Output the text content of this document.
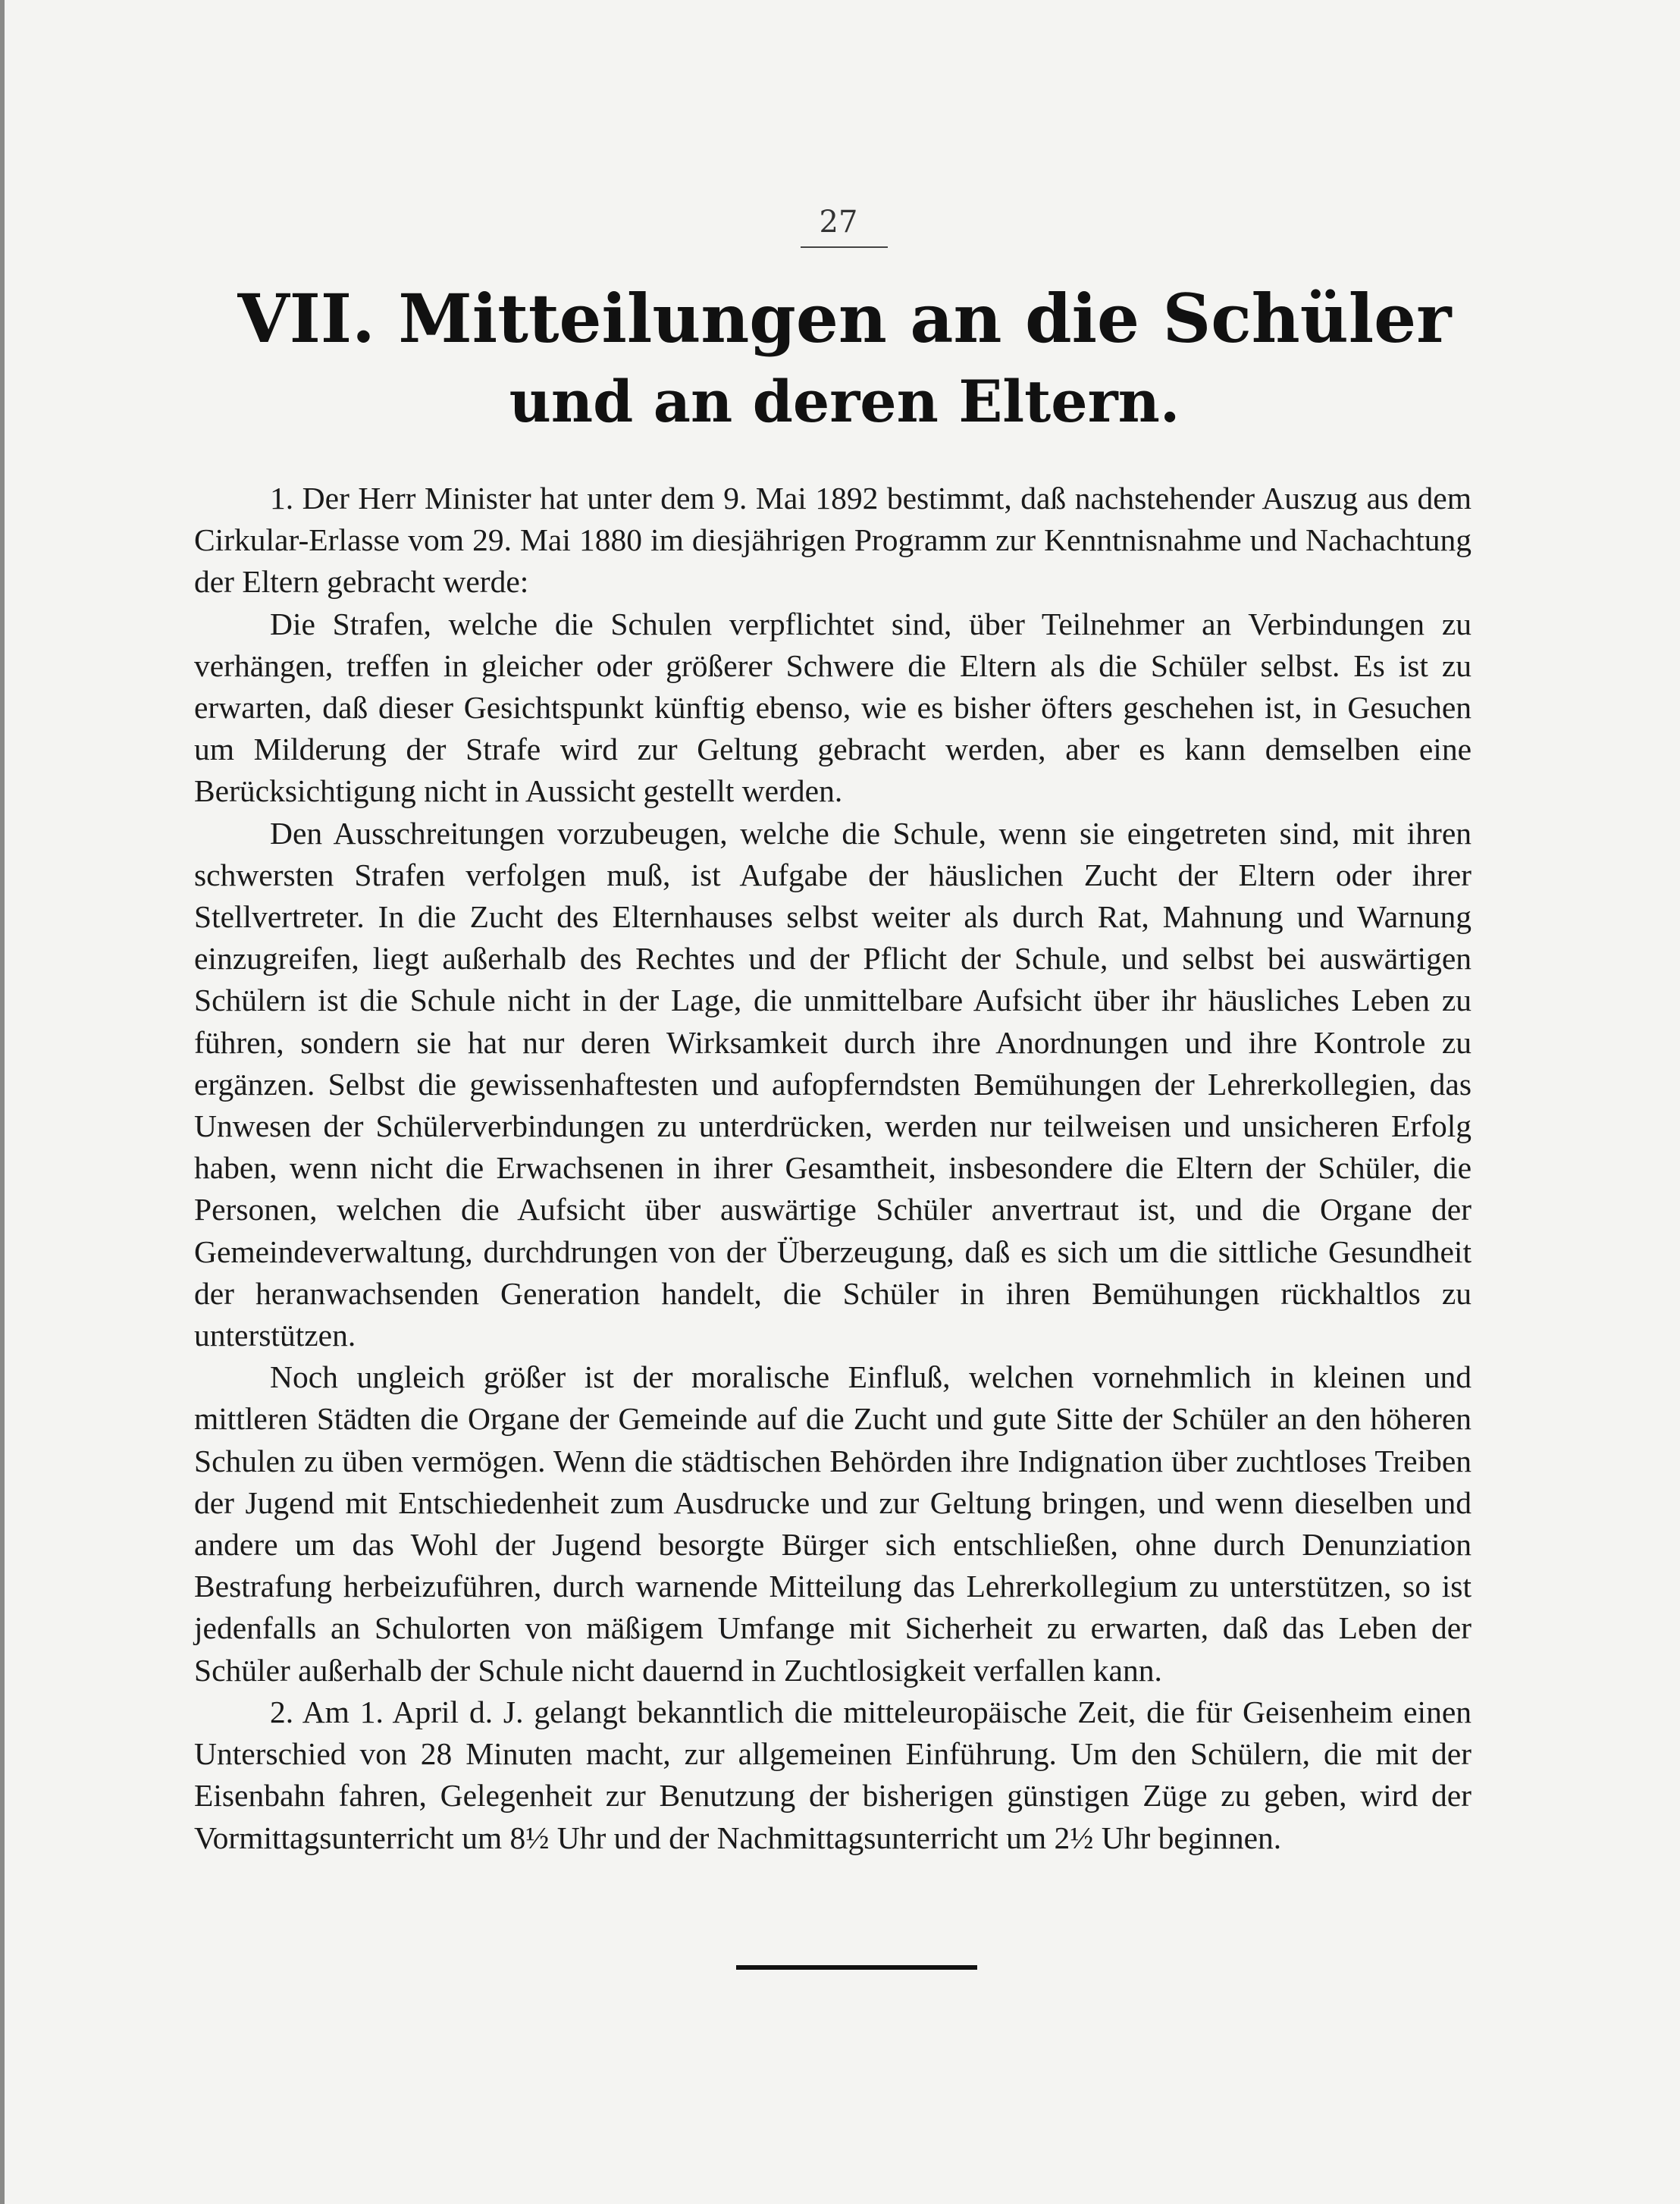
27
VII. Mitteilungen an die Schüler
und an deren Eltern.

1. Der Herr Minister hat unter dem 9. Mai 1892 bestimmt, daß nachstehender Auszug aus dem Cirkular-Erlasse vom 29. Mai 1880 im diesjährigen Programm zur Kenntnisnahme und Nachachtung der Eltern gebracht werde:

Die Strafen, welche die Schulen verpflichtet sind, über Teilnehmer an Verbindungen zu verhängen, treffen in gleicher oder größerer Schwere die Eltern als die Schüler selbst. Es ist zu erwarten, daß dieser Gesichtspunkt künftig ebenso, wie es bisher öfters geschehen ist, in Gesuchen um Milderung der Strafe wird zur Geltung gebracht werden, aber es kann demselben eine Berücksichtigung nicht in Aussicht gestellt werden.

Den Ausschreitungen vorzubeugen, welche die Schule, wenn sie eingetreten sind, mit ihren schwersten Strafen verfolgen muß, ist Aufgabe der häuslichen Zucht der Eltern oder ihrer Stellvertreter. In die Zucht des Elternhauses selbst weiter als durch Rat, Mahnung und Warnung einzugreifen, liegt außerhalb des Rechtes und der Pflicht der Schule, und selbst bei auswärtigen Schülern ist die Schule nicht in der Lage, die unmittelbare Aufsicht über ihr häusliches Leben zu führen, sondern sie hat nur deren Wirksamkeit durch ihre Anordnungen und ihre Kontrole zu ergänzen. Selbst die gewissenhaftesten und aufopferndsten Bemühungen der Lehrerkollegien, das Unwesen der Schülerverbindungen zu unterdrücken, werden nur teilweisen und unsicheren Erfolg haben, wenn nicht die Erwachsenen in ihrer Gesamtheit, insbesondere die Eltern der Schüler, die Personen, welchen die Aufsicht über auswärtige Schüler anvertraut ist, und die Organe der Gemeindeverwaltung, durchdrungen von der Überzeugung, daß es sich um die sittliche Gesundheit der heranwachsenden Generation handelt, die Schüler in ihren Bemühungen rückhaltlos zu unterstützen.

Noch ungleich größer ist der moralische Einfluß, welchen vornehmlich in kleinen und mittleren Städten die Organe der Gemeinde auf die Zucht und gute Sitte der Schüler an den höheren Schulen zu üben vermögen. Wenn die städtischen Behörden ihre Indignation über zuchtloses Treiben der Jugend mit Entschiedenheit zum Ausdrucke und zur Geltung bringen, und wenn dieselben und andere um das Wohl der Jugend besorgte Bürger sich entschließen, ohne durch Denunziation Bestrafung herbeizuführen, durch warnende Mitteilung das Lehrerkollegium zu unterstützen, so ist jedenfalls an Schulorten von mäßigem Umfange mit Sicherheit zu erwarten, daß das Leben der Schüler außerhalb der Schule nicht dauernd in Zuchtlosigkeit verfallen kann.

2. Am 1. April d. J. gelangt bekanntlich die mitteleuropäische Zeit, die für Geisenheim einen Unterschied von 28 Minuten macht, zur allgemeinen Einführung. Um den Schülern, die mit der Eisenbahn fahren, Gelegenheit zur Benutzung der bisherigen günstigen Züge zu geben, wird der Vormittagsunterricht um 8½ Uhr und der Nachmittagsunterricht um 2½ Uhr beginnen.
